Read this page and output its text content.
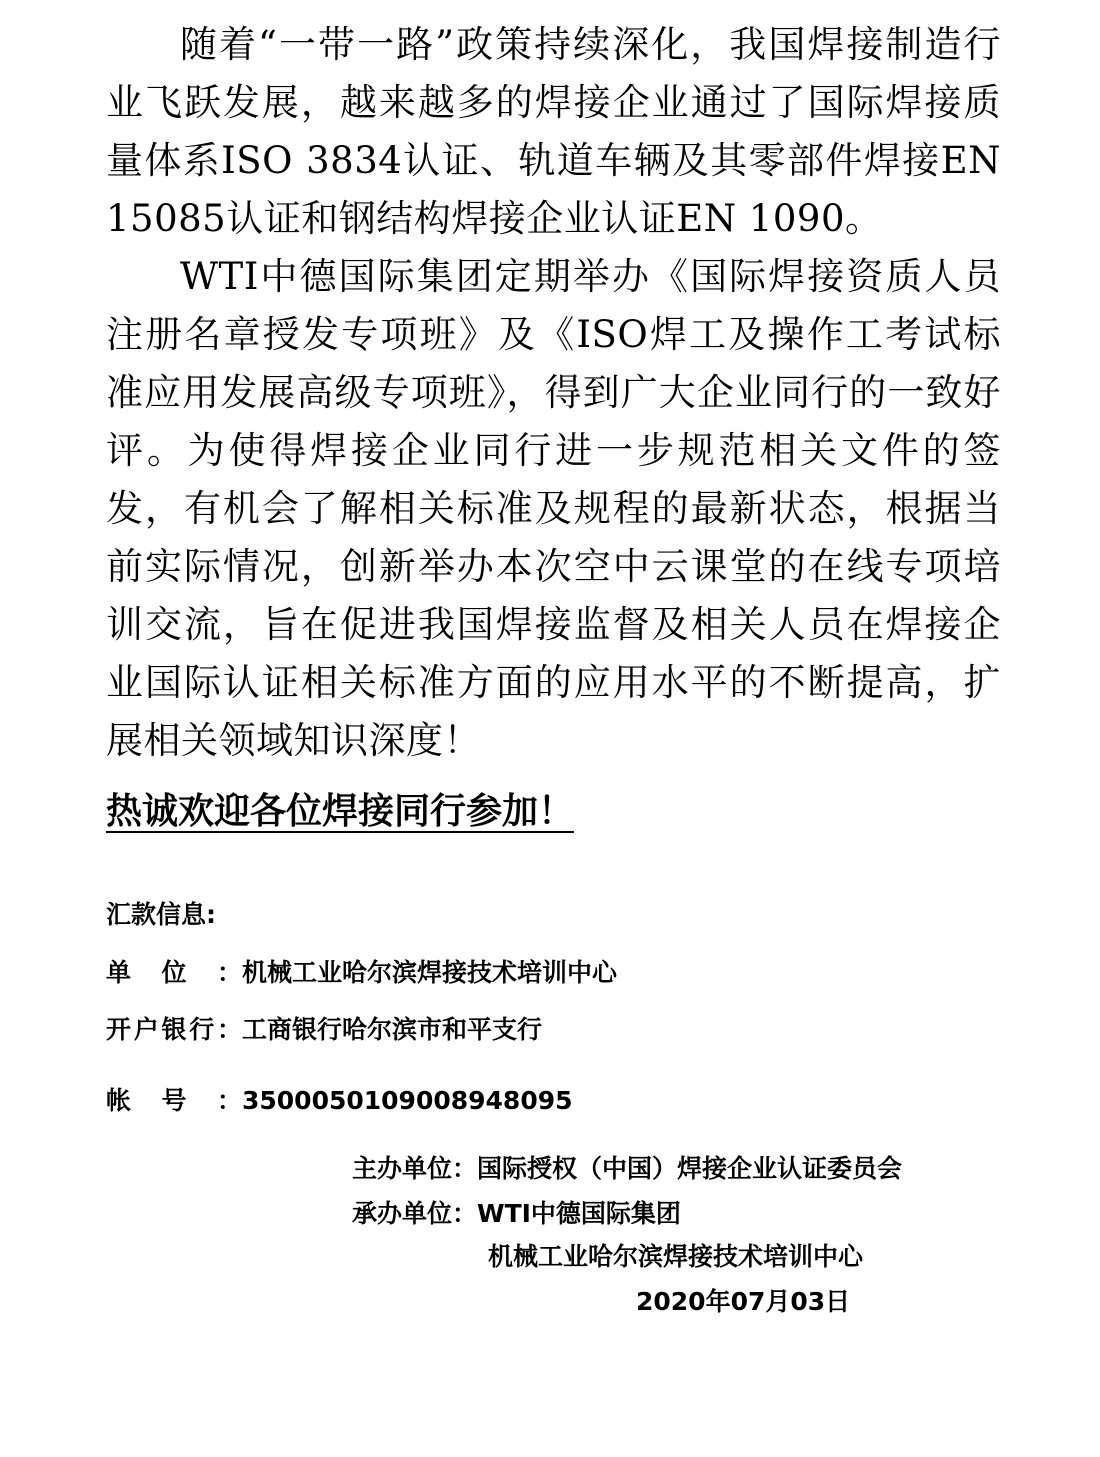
随着“一带一路”政策持续深化，我国焊接制造行业飞跃发展，越来越多的焊接企业通过了国际焊接质量体系ISO 3834认证、轨道车辆及其零部件焊接EN 15085认证和钢结构焊接企业认证EN 1090。

WTI中德国际集团定期举办《国际焊接资质人员注册名章授发专项班》及《ISO焊工及操作工考试标准应用发展高级专项班》，得到广大企业同行的一致好评。为使得焊接企业同行进一步规范相关文件的签发，有机会了解相关标准及规程的最新状态，根据当前实际情况，创新举办本次空中云课堂的在线专项培训交流，旨在促进我国焊接监督及相关人员在焊接企业国际认证相关标准方面的应用水平的不断提高，扩展相关领域知识深度！

热诚欢迎各位焊接同行参加！

汇款信息:
单位：机械工业哈尔滨焊接技术培训中心
开户银行：工商银行哈尔滨市和平支行
帐号：3500050109008948095
主办单位：国际授权（中国）焊接企业认证委员会
承办单位：WTI中德国际集团
机械工业哈尔滨焊接技术培训中心
2020年07月03日
